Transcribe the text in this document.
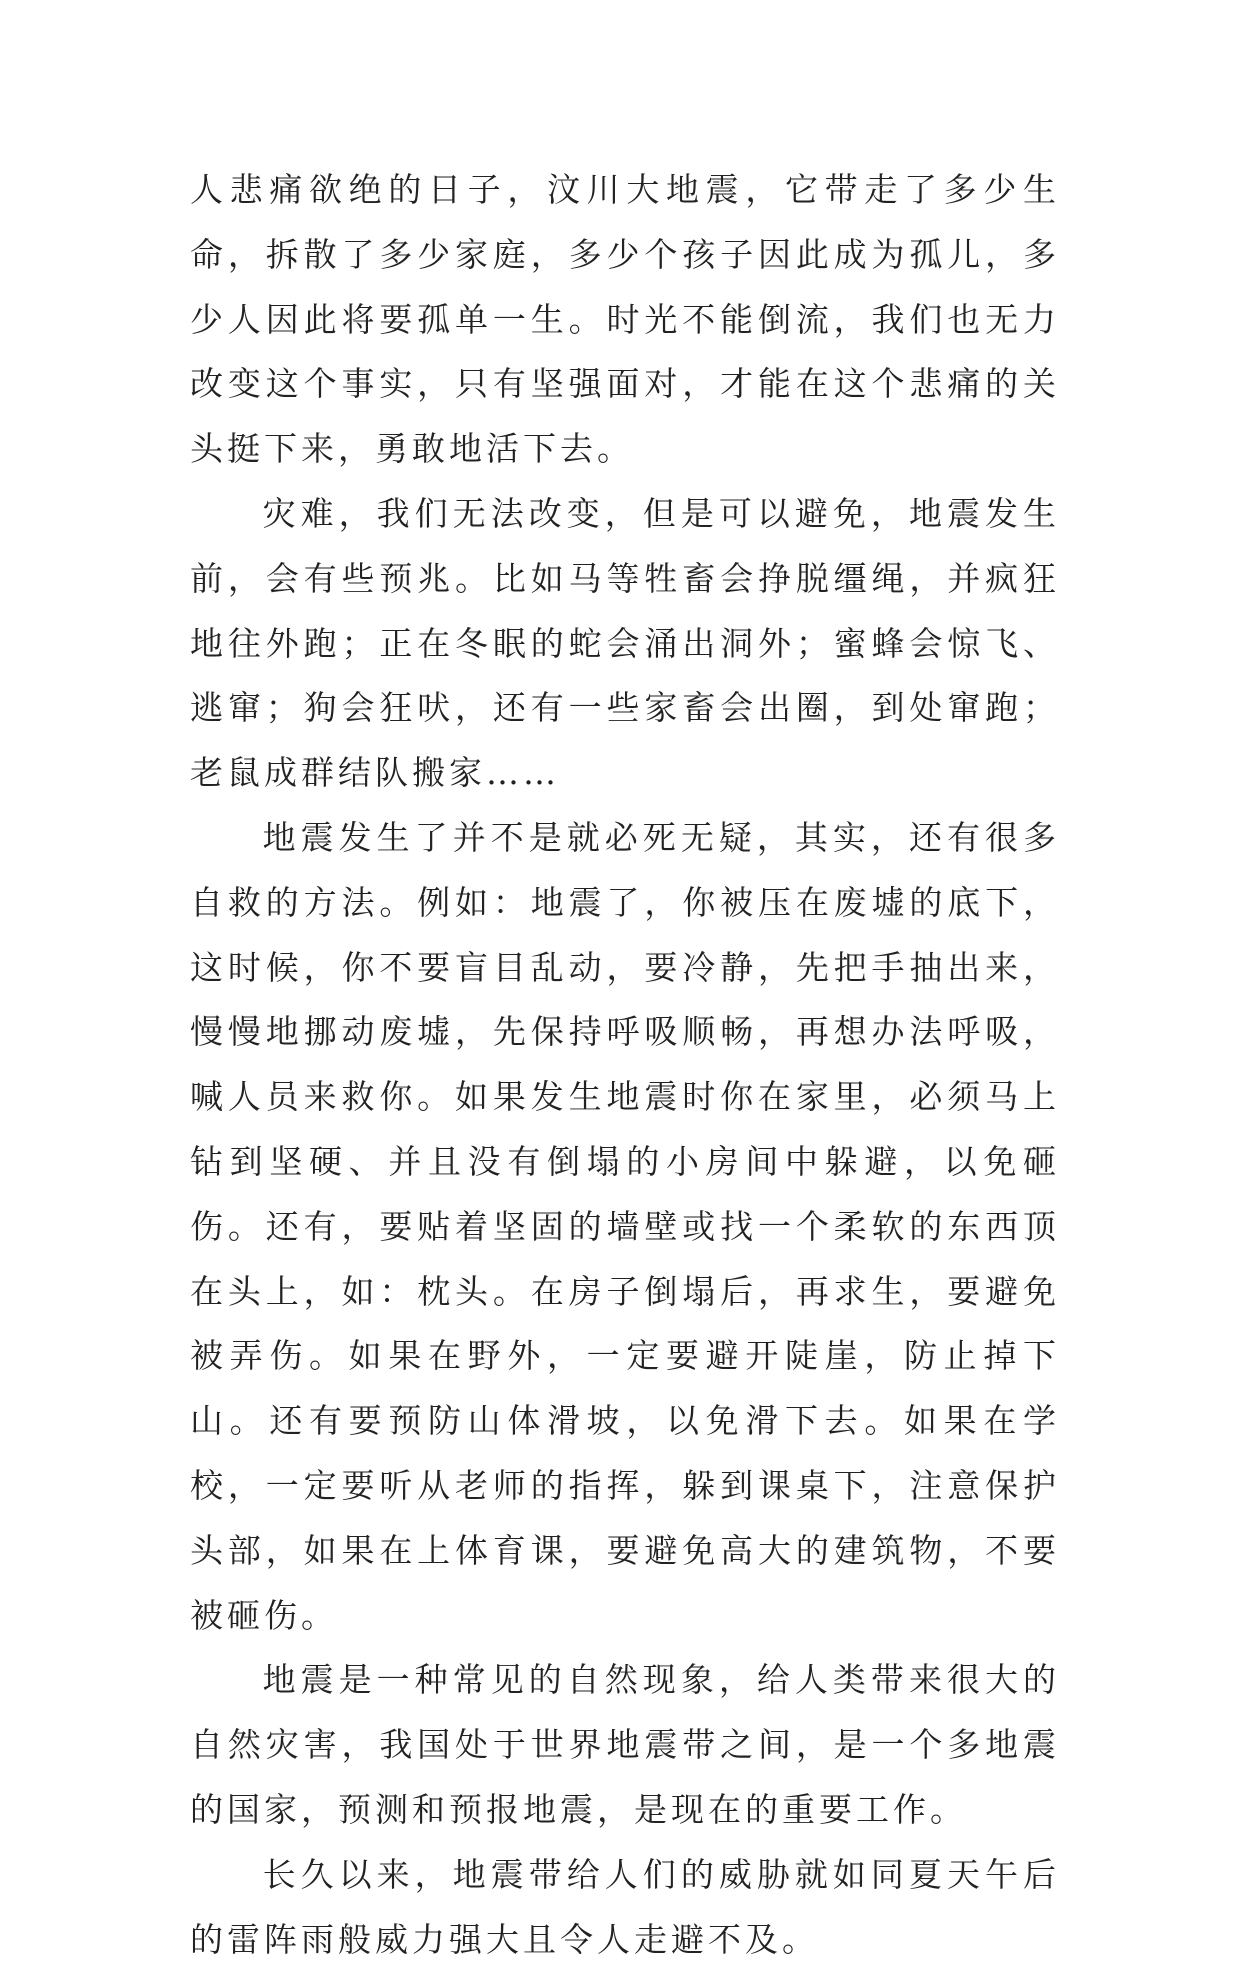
人悲痛欲绝的日子，汶川大地震，它带走了多少生命，拆散了多少家庭，多少个孩子因此成为孤儿，多少人因此将要孤单一生。时光不能倒流，我们也无力改变这个事实，只有坚强面对，才能在这个悲痛的关头挺下来，勇敢地活下去。

灾难，我们无法改变，但是可以避免，地震发生前，会有些预兆。比如马等牲畜会挣脱缰绳，并疯狂地往外跑；正在冬眠的蛇会涌出洞外；蜜蜂会惊飞、逃窜；狗会狂吠，还有一些家畜会出圈，到处窜跑；老鼠成群结队搬家……

地震发生了并不是就必死无疑，其实，还有很多自救的方法。例如：地震了，你被压在废墟的底下，这时候，你不要盲目乱动，要冷静，先把手抽出来，慢慢地挪动废墟，先保持呼吸顺畅，再想办法呼吸，喊人员来救你。如果发生地震时你在家里，必须马上钻到坚硬、并且没有倒塌的小房间中躲避，以免砸伤。还有，要贴着坚固的墙壁或找一个柔软的东西顶在头上，如：枕头。在房子倒塌后，再求生，要避免被弄伤。如果在野外，一定要避开陡崖，防止掉下山。还有要预防山体滑坡，以免滑下去。如果在学校，一定要听从老师的指挥，躲到课桌下，注意保护头部，如果在上体育课，要避免高大的建筑物，不要被砸伤。

地震是一种常见的自然现象，给人类带来很大的自然灾害，我国处于世界地震带之间，是一个多地震的国家，预测和预报地震，是现在的重要工作。

长久以来，地震带给人们的威胁就如同夏天午后的雷阵雨般威力强大且令人走避不及。
